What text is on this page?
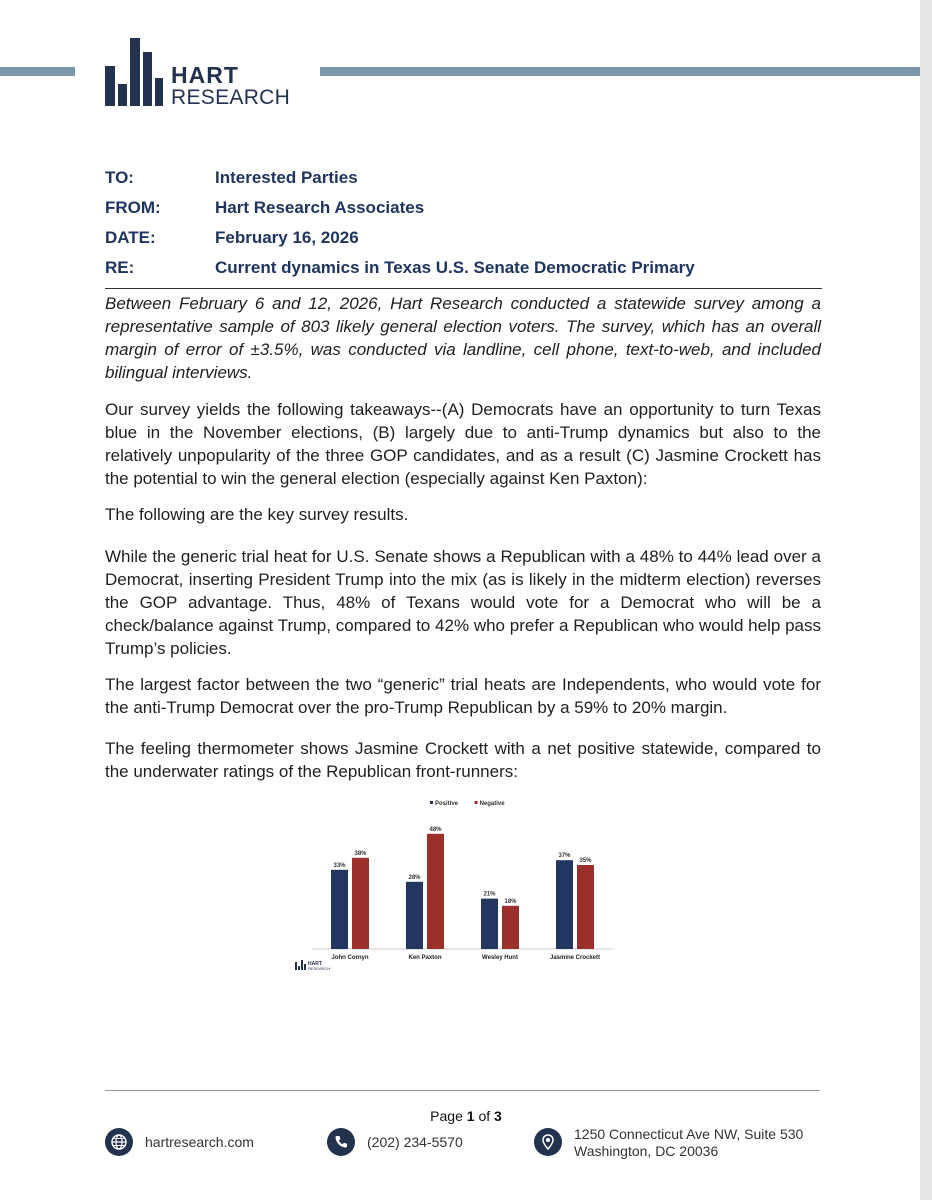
HART
RESEARCH
TO:	Interested Parties
FROM:	Hart Research Associates
DATE:	February 16, 2026
RE:	Current dynamics in Texas U.S. Senate Democratic Primary

Between February 6 and 12, 2026, Hart Research conducted a statewide survey among a representative sample of 803 likely general election voters. The survey, which has an overall margin of error of ±3.5%, was conducted via landline, cell phone, text-to-web, and included bilingual interviews.

Our survey yields the following takeaways--(A) Democrats have an opportunity to turn Texas blue in the November elections, (B) largely due to anti-Trump dynamics but also to the relatively unpopularity of the three GOP candidates, and as a result (C) Jasmine Crockett has the potential to win the general election (especially against Ken Paxton):

The following are the key survey results.

While the generic trial heat for U.S. Senate shows a Republican with a 48% to 44% lead over a Democrat, inserting President Trump into the mix (as is likely in the midterm election) reverses the GOP advantage. Thus, 48% of Texans would vote for a Democrat who will be a check/balance against Trump, compared to 42% who prefer a Republican who would help pass Trump’s policies.

The largest factor between the two “generic” trial heats are Independents, who would vote for the anti-Trump Democrat over the pro-Trump Republican by a 59% to 20% margin.

The feeling thermometer shows Jasmine Crockett with a net positive statewide, compared to the underwater ratings of the Republican front-runners:

Positive	Negative
33%
38%
John Cornyn
28%
48%
Ken Paxton
21%
18%
Wesley Hunt
37%
35%
Jasmine Crockett
HART
RESEARCH
Page 1 of 3
hartresearch.com	(202) 234-5570	1250 Connecticut Ave NW, Suite 530
Washington, DC 20036
